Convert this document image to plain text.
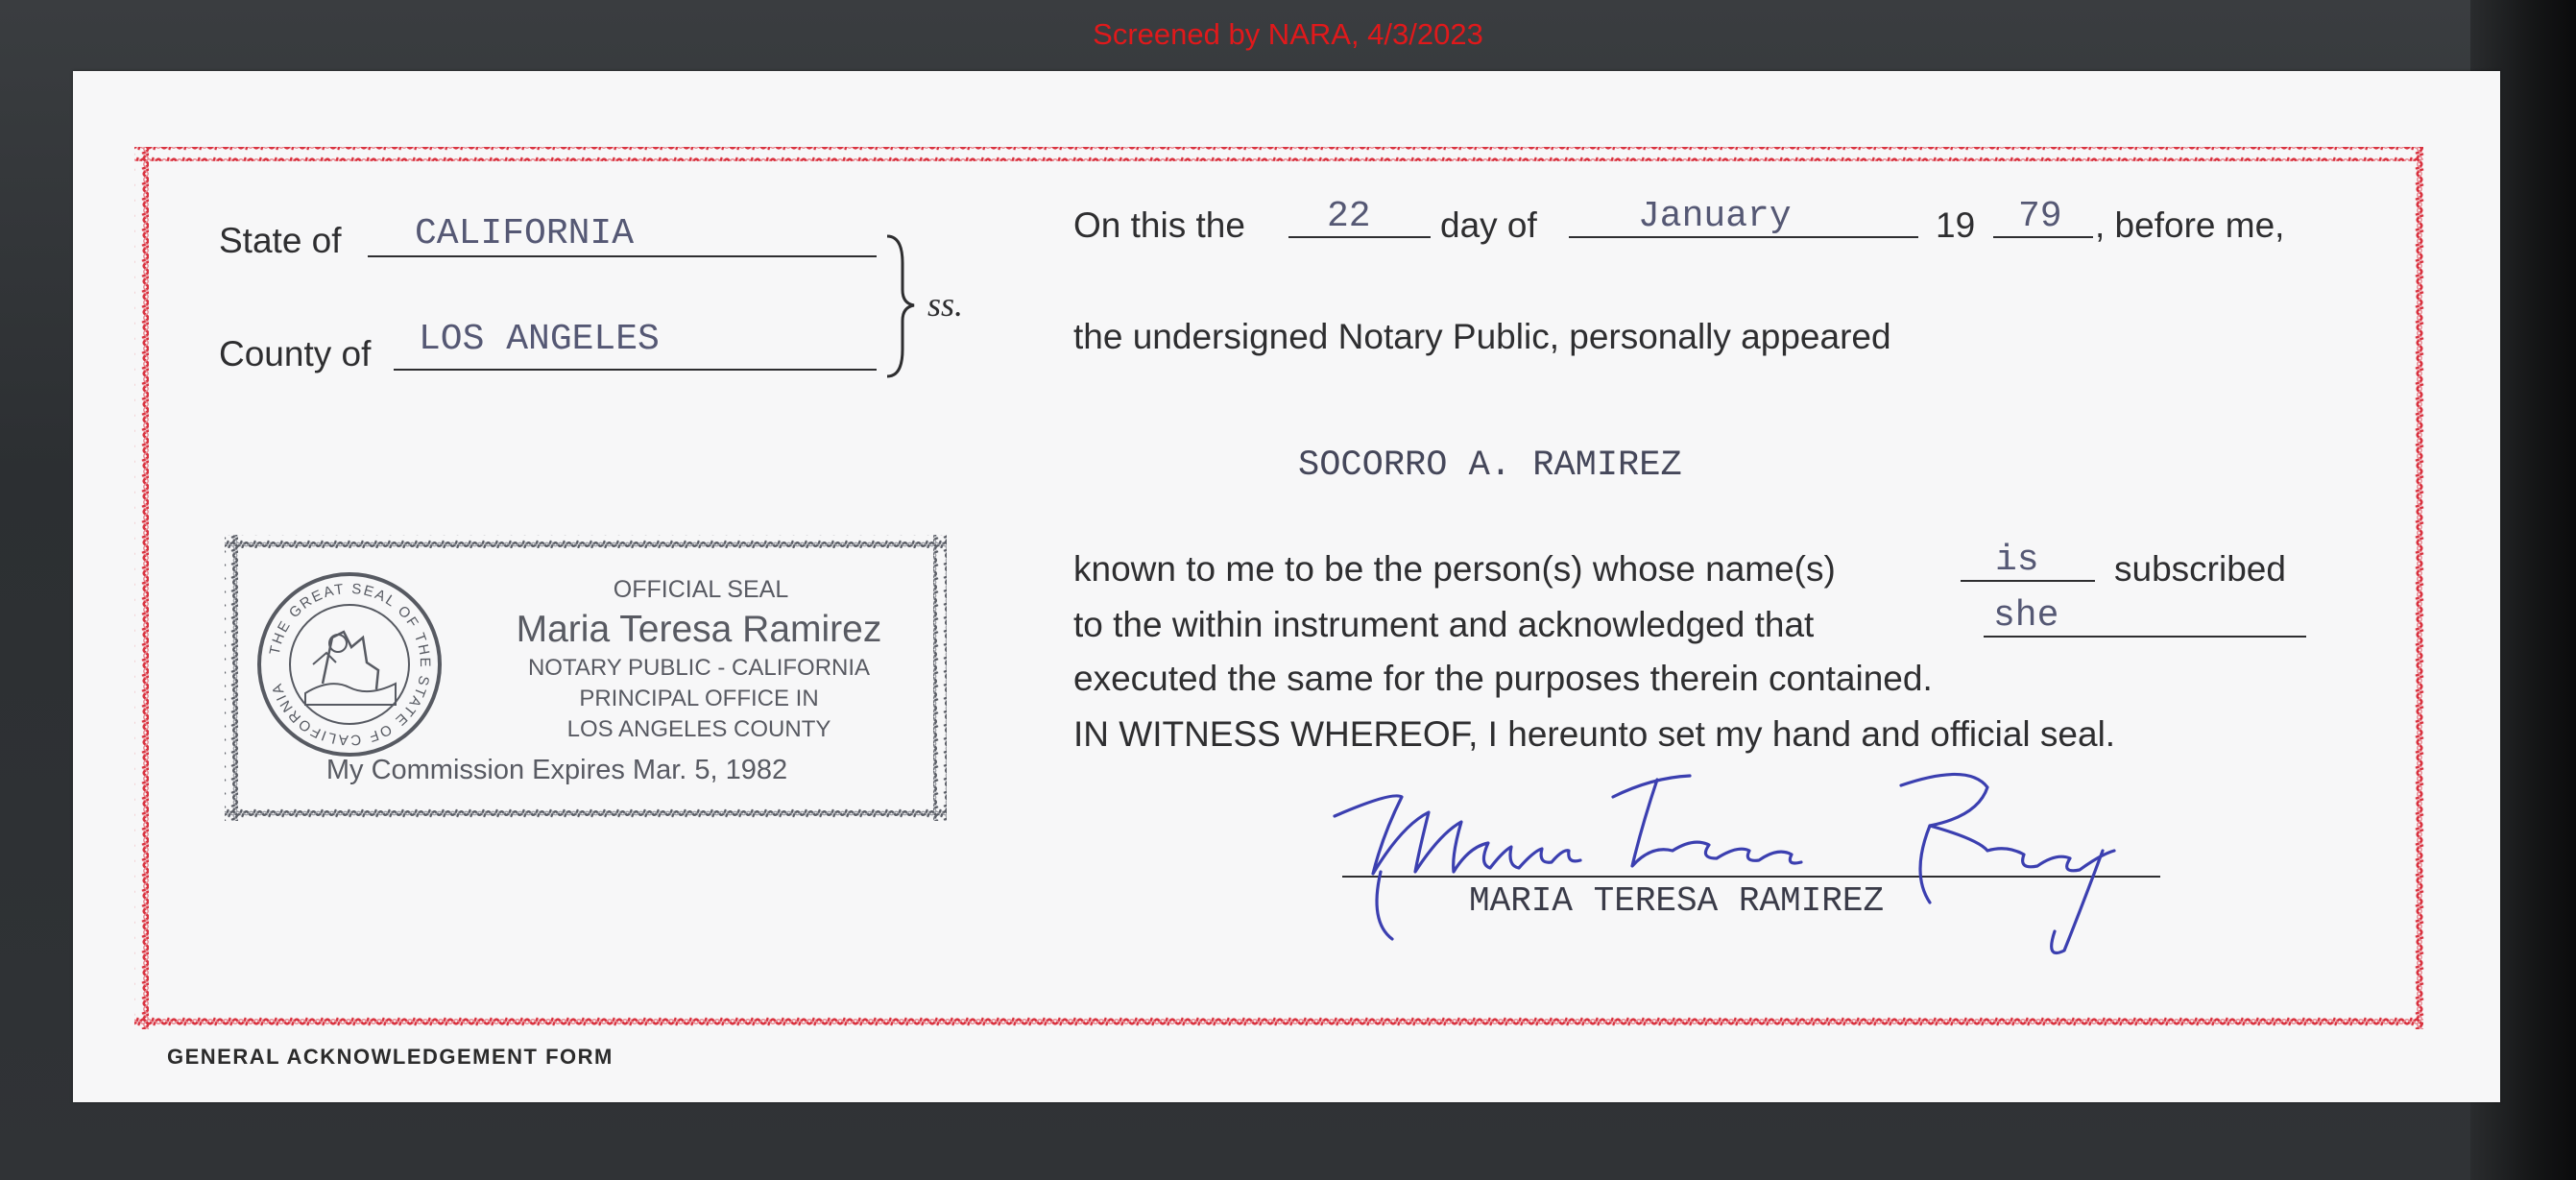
Screened by NARA, 4/3/2023
State of CALIFORNIA
County of LOS ANGELES
ss.
THE GREAT SEAL OF THE STATE OF CALIFORNIA
OFFICIAL SEAL
Maria Teresa Ramirez
NOTARY PUBLIC - CALIFORNIA
PRINCIPAL OFFICE IN
LOS ANGELES COUNTY
My Commission Expires Mar. 5, 1982
On this the 22 day of	January	19 79 , before me,
the undersigned Notary Public, personally appeared
SOCORRO A. RAMIREZ
known to me to be the person(s) whose name(s)	is subscribed
to the within instrument and acknowledged that	she
executed the same for the purposes therein contained.
IN WITNESS WHEREOF, I hereunto set my hand and official seal.
MARIA TERESA RAMIREZ
GENERAL ACKNOWLEDGEMENT FORM
